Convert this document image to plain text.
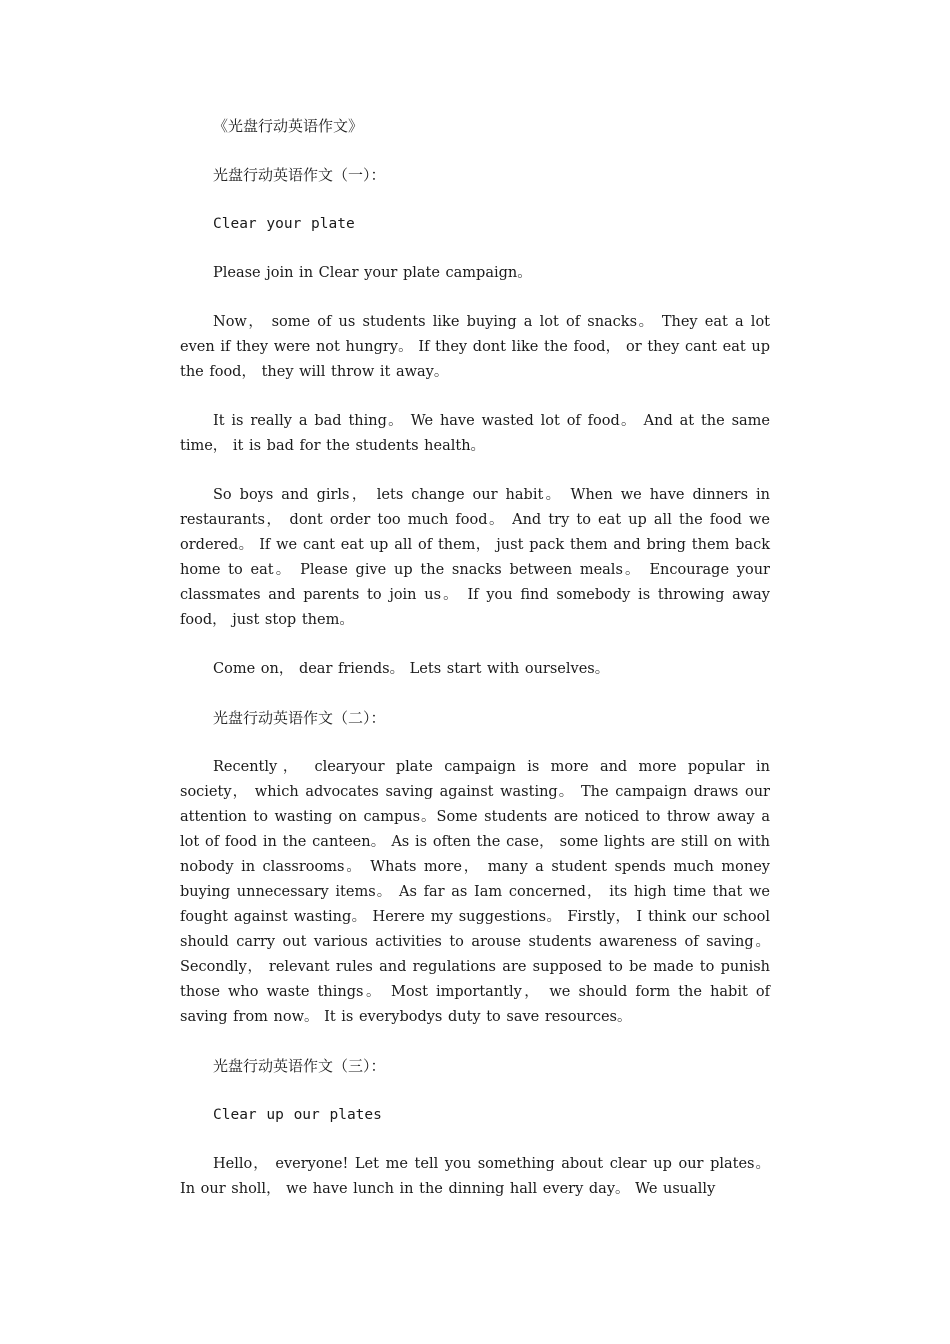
《光盘行动英语作文》

光盘行动英语作文（一）：

Clear your plate

Please join in Clear your plate campaign。

Now， some of us students like buying a lot of snacks。 They eat a lot even if they were not hungry。 If they dont like the food， or they cant eat up the food， they will throw it away。

It is really a bad thing。 We have wasted lot of food。 And at the same time， it is bad for the students health。

So boys and girls， lets change our habit。 When we have dinners in restaurants， dont order too much food。 And try to eat up all the food we ordered。 If we cant eat up all of them， just pack them and bring them back home to eat。 Please give up the snacks between meals。 Encourage your classmates and parents to join us。 If you find somebody is throwing away food， just stop them。

Come on， dear friends。 Lets start with ourselves。

光盘行动英语作文（二）：

Recently， clearyour plate campaign is more and more popular in society， which advocates saving against wasting。 The campaign draws our attention to wasting on campus。Some students are noticed to throw away a lot of food in the canteen。 As is often the case， some lights are still on with nobody in classrooms。 Whats more， many a student spends much money buying unnecessary items。 As far as Iam concerned， its high time that we fought against wasting。 Herere my suggestions。 Firstly， I think our school should carry out various activities to arouse students awareness of saving。 Secondly， relevant rules and regulations are supposed to be made to punish those who waste things。 Most importantly， we should form the habit of saving from now。 It is everybodys duty to save resources。

光盘行动英语作文（三）：

Clear up our plates

Hello， everyone! Let me tell you something about clear up our plates。 In our sholl， we have lunch in the dinning hall every day。 We usually
